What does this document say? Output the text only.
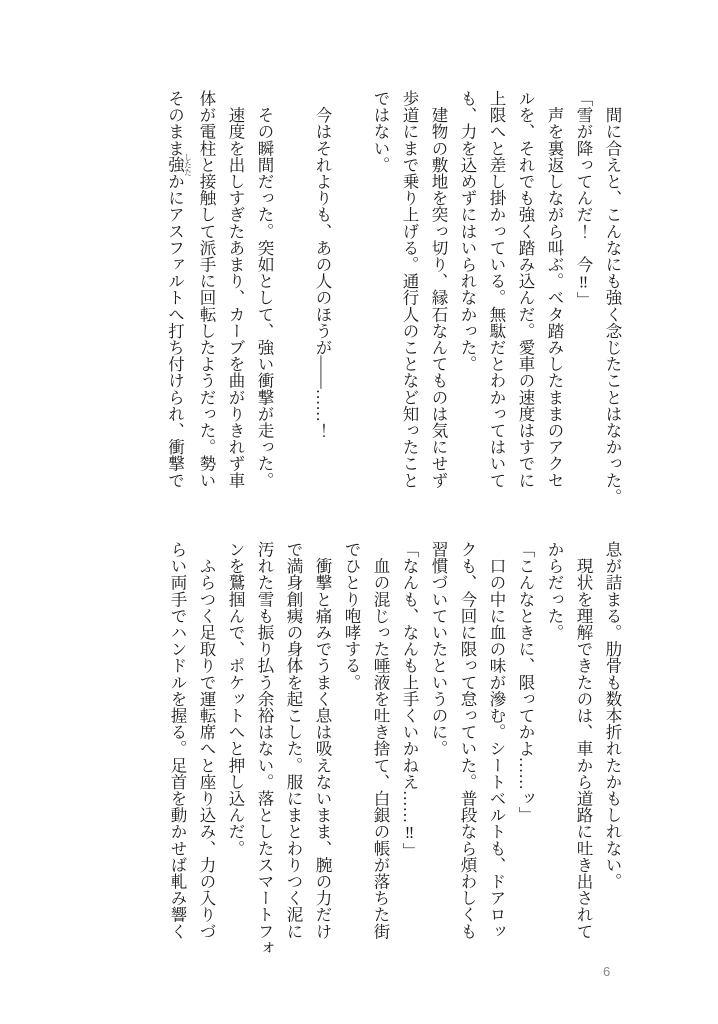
　間に合えと、こんなにも強く念じたことはなかった。

「雪が降ってんだ！　今‼」

　声を裏返しながら叫ぶ。ベタ踏みしたままのアクセ

ルを、それでも強く踏み込んだ。愛車の速度はすでに

上限へと差し掛かっている。無駄だとわかってはいて

も、力を込めずにはいられなかった。

　建物の敷地を突っ切り、縁石なんてものは気にせず

歩道にまで乗り上げる。通行人のことなど知ったこと

ではない。

　今はそれよりも、あの人のほうが――……！

　その瞬間だった。突如として、強い衝撃が走った。

　速度を出しすぎたあまり、カーブを曲がりきれず車

体が電柱と接触して派手に回転したようだった。勢い

そのまま強 したたかにアスファルトへ打ち付けられ、衝撃で

息が詰まる。肋骨も数本折れたかもしれない。

　現状を理解できたのは、車から道路に吐き出されて

からだった。

「こんなときに、限ってかよ……ッ」

　口の中に血の味が滲む。シートベルトも、ドアロッ

クも、今回に限って怠っていた。普段なら煩わしくも

習慣づいていたというのに。

「なんも、なんも上手くいかねえ……‼」

　血の混じった唾液を吐き捨て、白銀の帳が落ちた街

でひとり咆哮する。

　衝撃と痛みでうまく息は吸えないまま、腕の力だけ

で満身創痍の身体を起こした。服にまとわりつく泥に

汚れた雪も振り払う余裕はない。落としたスマートフォ

ンを鷲掴んで、ポケットへと押し込んだ。

　ふらつく足取りで運転席へと座り込み、力の入りづ

らい両手でハンドルを握る。足首を動かせば軋み響く

6
